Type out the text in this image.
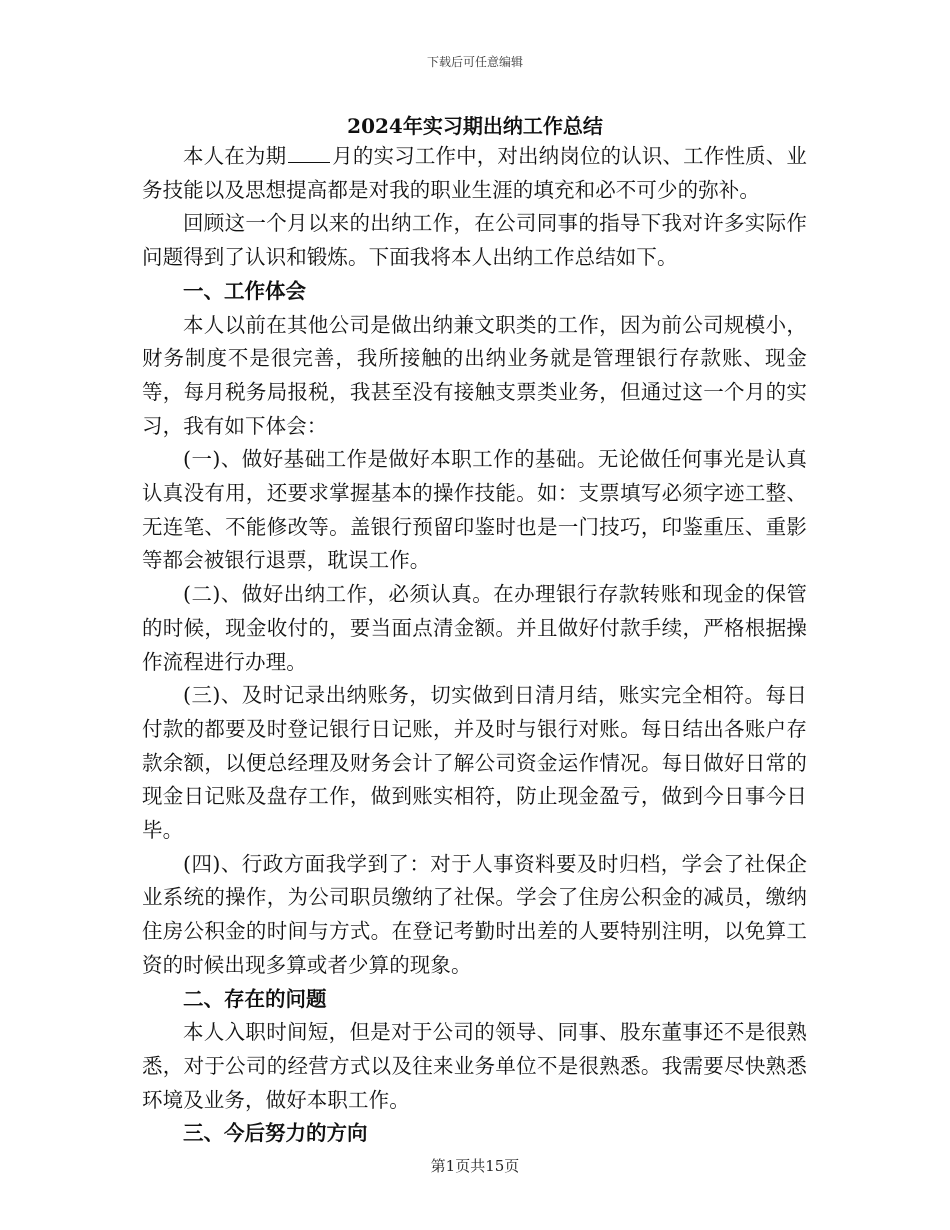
下载后可任意编辑
2024年实习期出纳工作总结

本人在为期 月的实习工作中，对出纳岗位的认识、工作性质、业务技能以及思想提高都是对我的职业生涯的填充和必不可少的弥补。

回顾这一个月以来的出纳工作，在公司同事的指导下我对许多实际作问题得到了认识和锻炼。下面我将本人出纳工作总结如下。

一、工作体会

本人以前在其他公司是做出纳兼文职类的工作，因为前公司规模小，财务制度不是很完善，我所接触的出纳业务就是管理银行存款账、现金等，每月税务局报税，我甚至没有接触支票类业务，但通过这一个月的实习，我有如下体会：

(一)、做好基础工作是做好本职工作的基础。无论做任何事光是认真认真没有用，还要求掌握基本的操作技能。如：支票填写必须字迹工整、无连笔、不能修改等。盖银行预留印鉴时也是一门技巧，印鉴重压、重影等都会被银行退票，耽误工作。

(二)、做好出纳工作，必须认真。在办理银行存款转账和现金的保管的时候，现金收付的，要当面点清金额。并且做好付款手续，严格根据操作流程进行办理。

(三)、及时记录出纳账务，切实做到日清月结，账实完全相符。每日付款的都要及时登记银行日记账，并及时与银行对账。每日结出各账户存款余额，以便总经理及财务会计了解公司资金运作情况。每日做好日常的现金日记账及盘存工作，做到账实相符，防止现金盈亏，做到今日事今日毕。

(四)、行政方面我学到了：对于人事资料要及时归档，学会了社保企业系统的操作，为公司职员缴纳了社保。学会了住房公积金的减员，缴纳住房公积金的时间与方式。在登记考勤时出差的人要特别注明，以免算工资的时候出现多算或者少算的现象。

二、存在的问题

本人入职时间短，但是对于公司的领导、同事、股东董事还不是很熟悉，对于公司的经营方式以及往来业务单位不是很熟悉。我需要尽快熟悉环境及业务，做好本职工作。

三、今后努力的方向

第1页共15页
